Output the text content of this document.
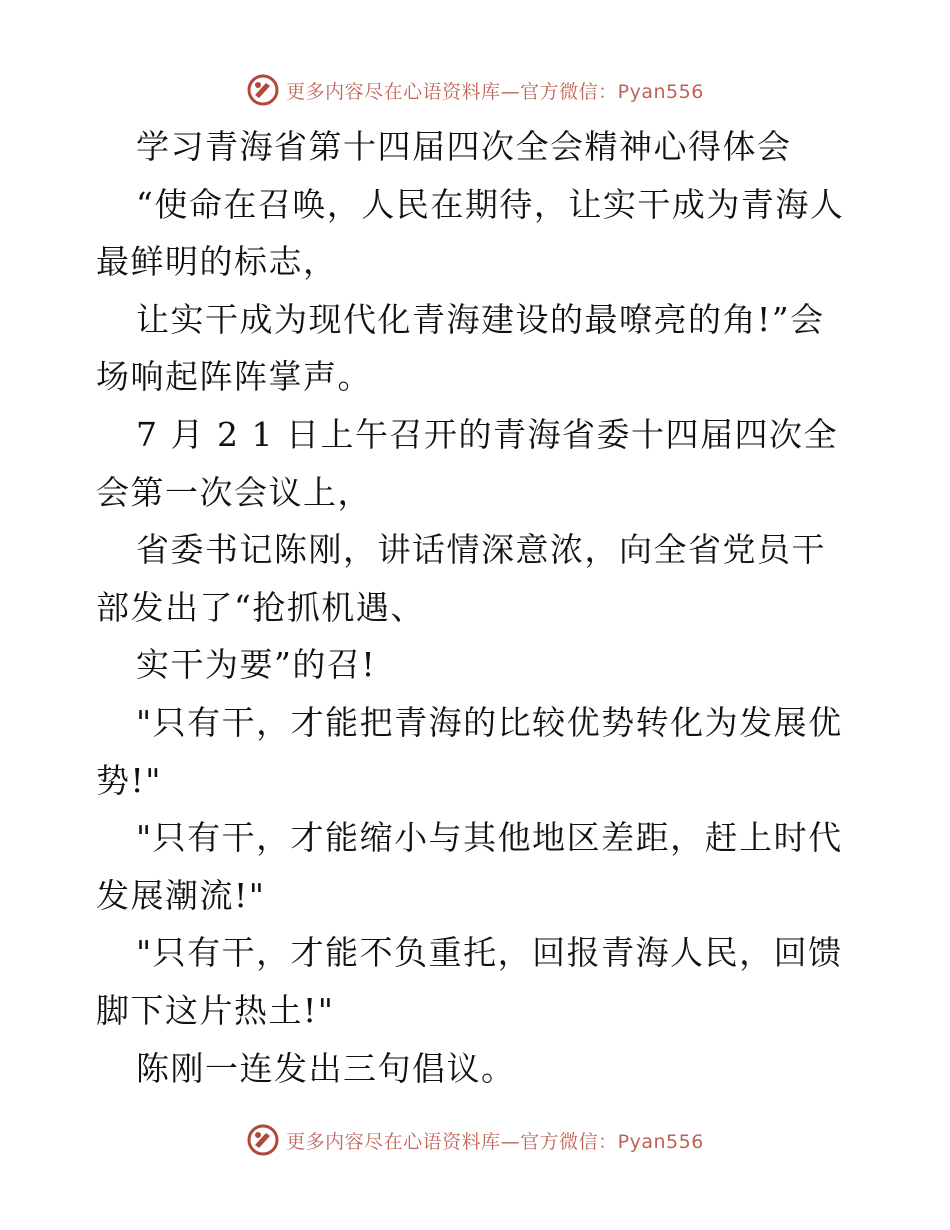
更多内容尽在心语资料库—官方微信：Pyan556

学习青海省第十四届四次全会精神心得体会

“使命在召唤，人民在期待，让实干成为青海人最鲜明的标志，

让实干成为现代化青海建设的最嘹亮的角!”会场响起阵阵掌声。

7 月 2 1 日上午召开的青海省委十四届四次全会第一次会议上，

省委书记陈刚，讲话情深意浓，向全省党员干部发出了“抢抓机遇、

实干为要”的召!

"只有干，才能把青海的比较优势转化为发展优势!"

"只有干，才能缩小与其他地区差距，赶上时代发展潮流!"

"只有干，才能不负重托，回报青海人民，回馈脚下这片热土!"

陈刚一连发出三句倡议。

更多内容尽在心语资料库—官方微信：Pyan556
